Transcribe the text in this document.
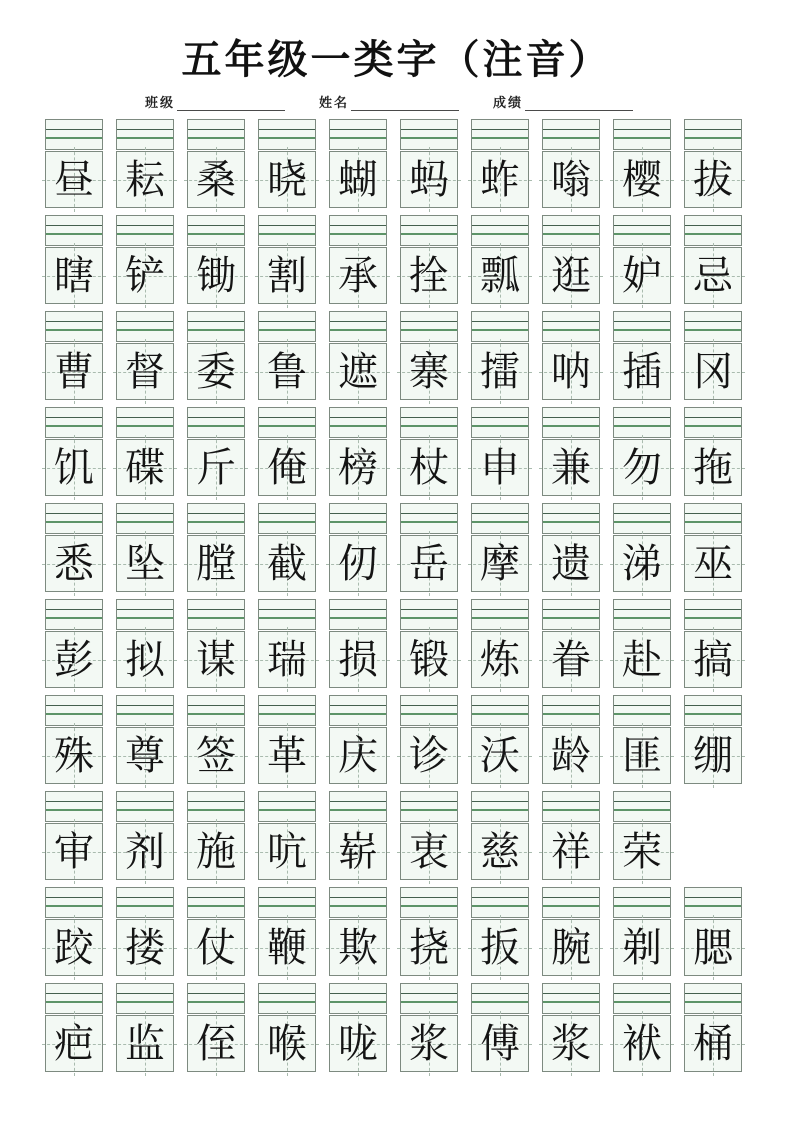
五年级一类字（注音）
班级	姓名	成绩
昼 耘 桑 晓 蝴 蚂 蚱 嗡 樱 拔
瞎 铲 锄 割 承 拴 瓢 逛 妒 忌
曹 督 委 鲁 遮 寨 擂 呐 插 冈
饥 碟 斤 俺 榜 杖 申 兼 勿 拖
悉 坠 膛 截 仞 岳 摩 遗 涕 巫
彭 拟 谋 瑞 损 锻 炼 眷 赴 搞
殊 尊 签 革 庆 诊 沃 龄 匪 绷
审 剂 施 吭 崭 衷 慈 祥 荣
跤 搂 仗 鞭 欺 挠 扳 腕 剃 腮
疤 监 侄 喉 咙 浆 傅 浆 袱 桶
